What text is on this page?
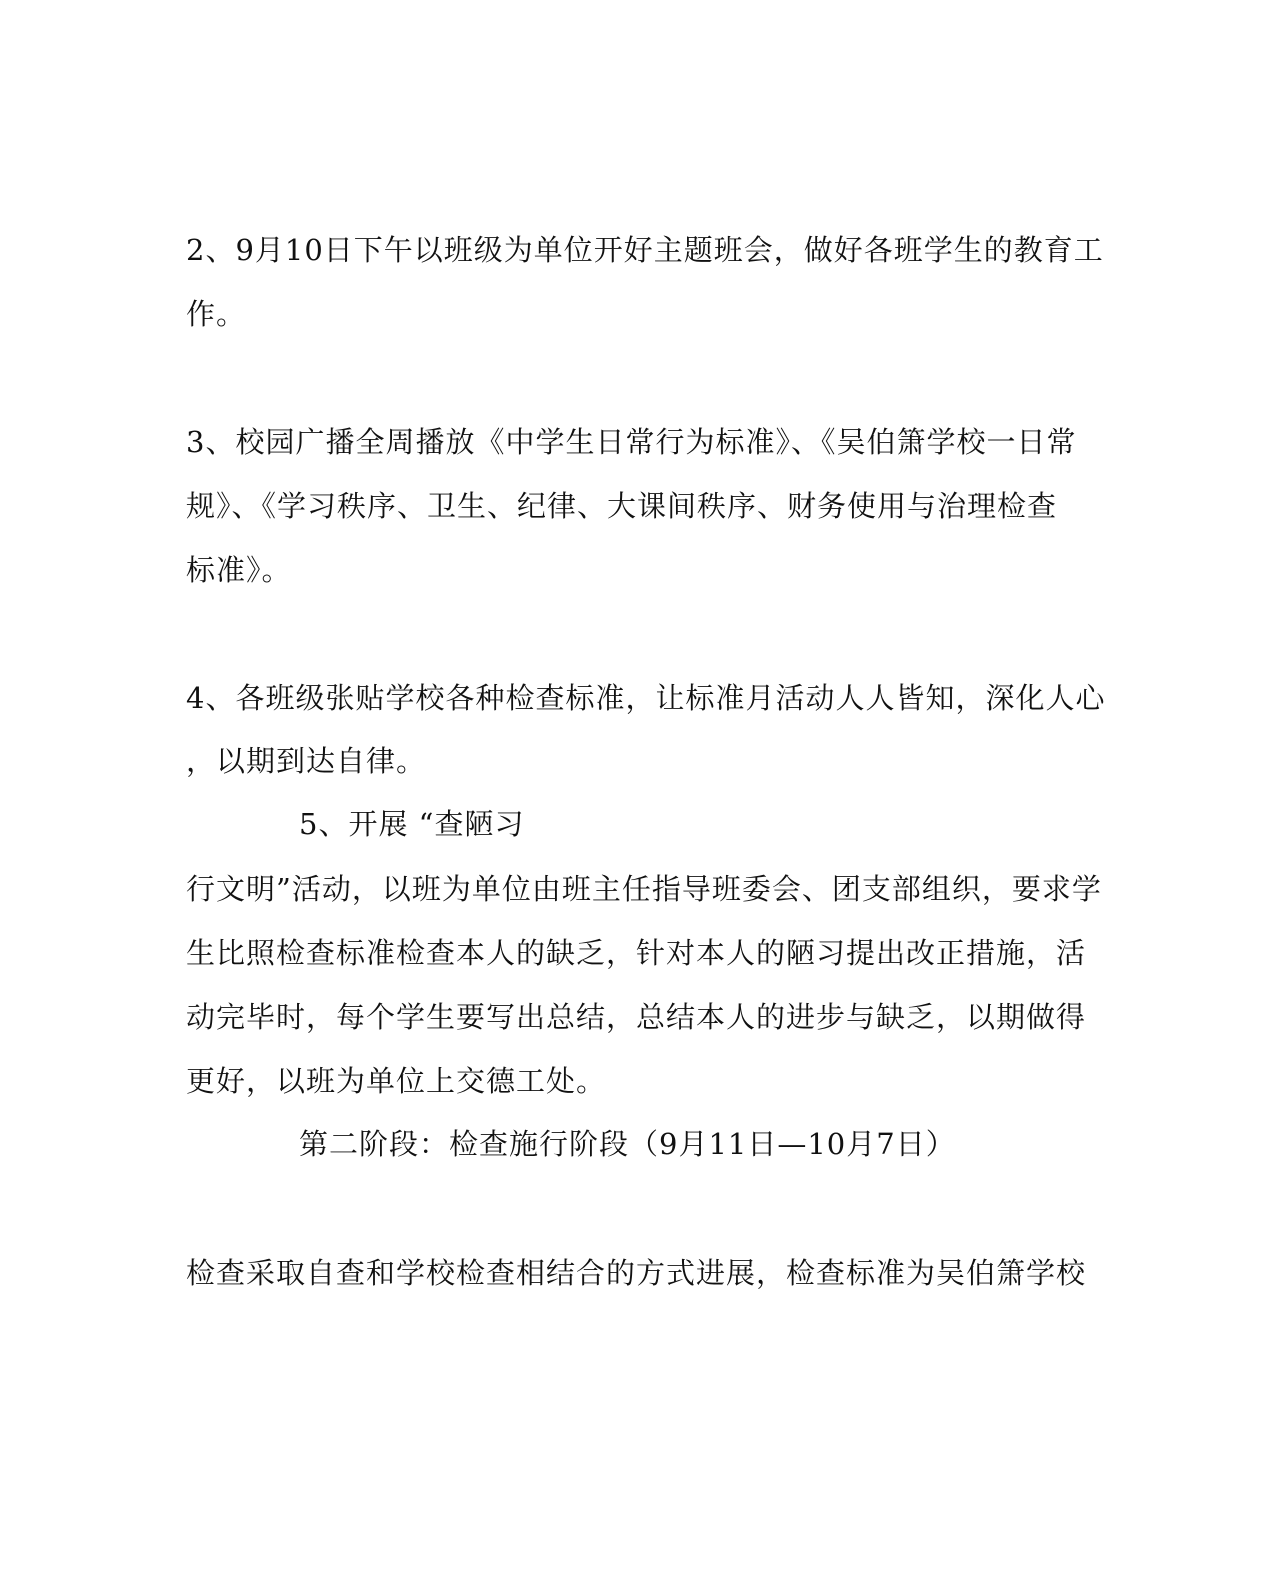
2、9月10日下午以班级为单位开好主题班会，做好各班学生的教育工
作。
3、校园广播全周播放《中学生日常行为标准》、《吴伯箫学校一日常
规》、《学习秩序、卫生、纪律、大课间秩序、财务使用与治理检查
标准》。
4、各班级张贴学校各种检查标准，让标准月活动人人皆知，深化人心
，以期到达自律。
5、开展 “查陋习
行文明”活动，以班为单位由班主任指导班委会、团支部组织，要求学
生比照检查标准检查本人的缺乏，针对本人的陋习提出改正措施，活
动完毕时，每个学生要写出总结，总结本人的进步与缺乏，以期做得
更好，以班为单位上交德工处。
第二阶段：检查施行阶段（9月11日—10月7日）
检查采取自查和学校检查相结合的方式进展，检查标准为吴伯箫学校
